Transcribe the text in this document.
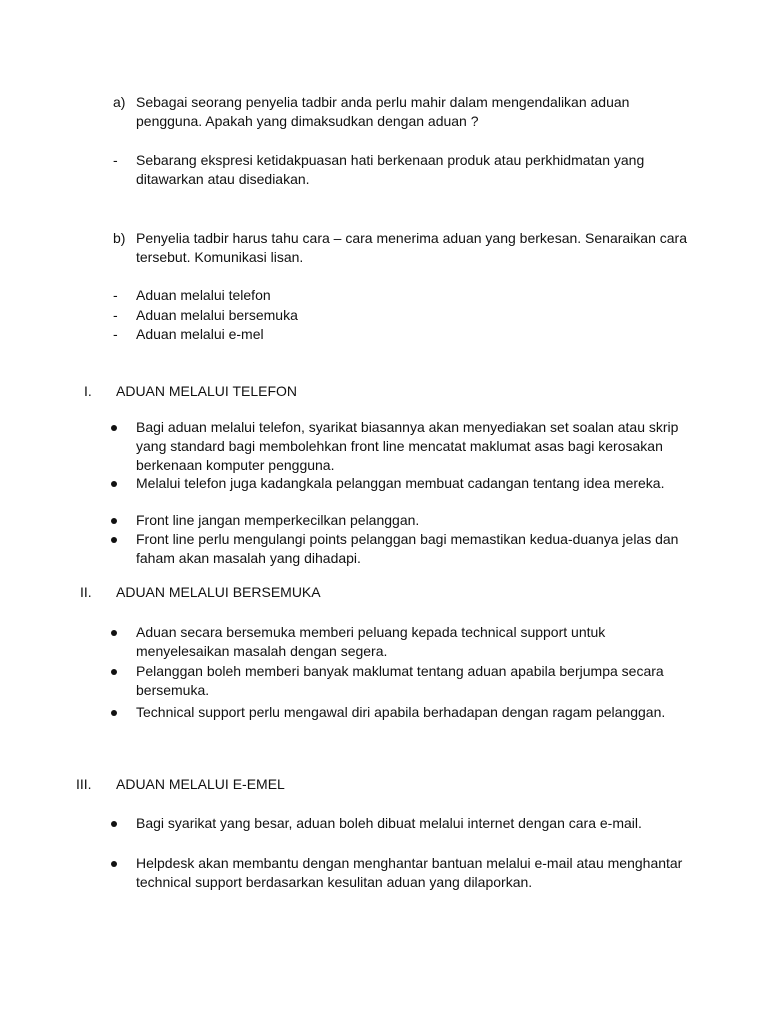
a) Sebagai seorang penyelia tadbir anda perlu mahir dalam mengendalikan aduan pengguna. Apakah yang dimaksudkan dengan aduan ?
- Sebarang ekspresi ketidakpuasan hati berkenaan produk atau perkhidmatan yang ditawarkan atau disediakan.
b) Penyelia tadbir harus tahu cara – cara menerima aduan yang berkesan. Senaraikan cara tersebut. Komunikasi lisan.
- Aduan melalui telefon
- Aduan melalui bersemuka
- Aduan melalui e-mel
I. ADUAN MELALUI TELEFON
Bagi aduan melalui telefon, syarikat biasannya akan menyediakan set soalan atau skrip yang standard bagi membolehkan front line mencatat maklumat asas bagi kerosakan berkenaan komputer pengguna.
Melalui telefon juga kadangkala pelanggan membuat cadangan tentang idea mereka.
Front line jangan memperkecilkan pelanggan.
Front line perlu mengulangi points pelanggan bagi memastikan kedua-duanya jelas dan faham akan masalah yang dihadapi.
II. ADUAN MELALUI BERSEMUKA
Aduan secara bersemuka memberi peluang kepada technical support untuk menyelesaikan masalah dengan segera.
Pelanggan boleh memberi banyak maklumat tentang aduan apabila berjumpa secara bersemuka.
Technical support perlu mengawal diri apabila berhadapan dengan ragam pelanggan.
III. ADUAN MELALUI E-EMEL
Bagi syarikat yang besar, aduan boleh dibuat melalui internet dengan cara e-mail.
Helpdesk akan membantu dengan menghantar bantuan melalui e-mail atau menghantar technical support berdasarkan kesulitan aduan yang dilaporkan.
